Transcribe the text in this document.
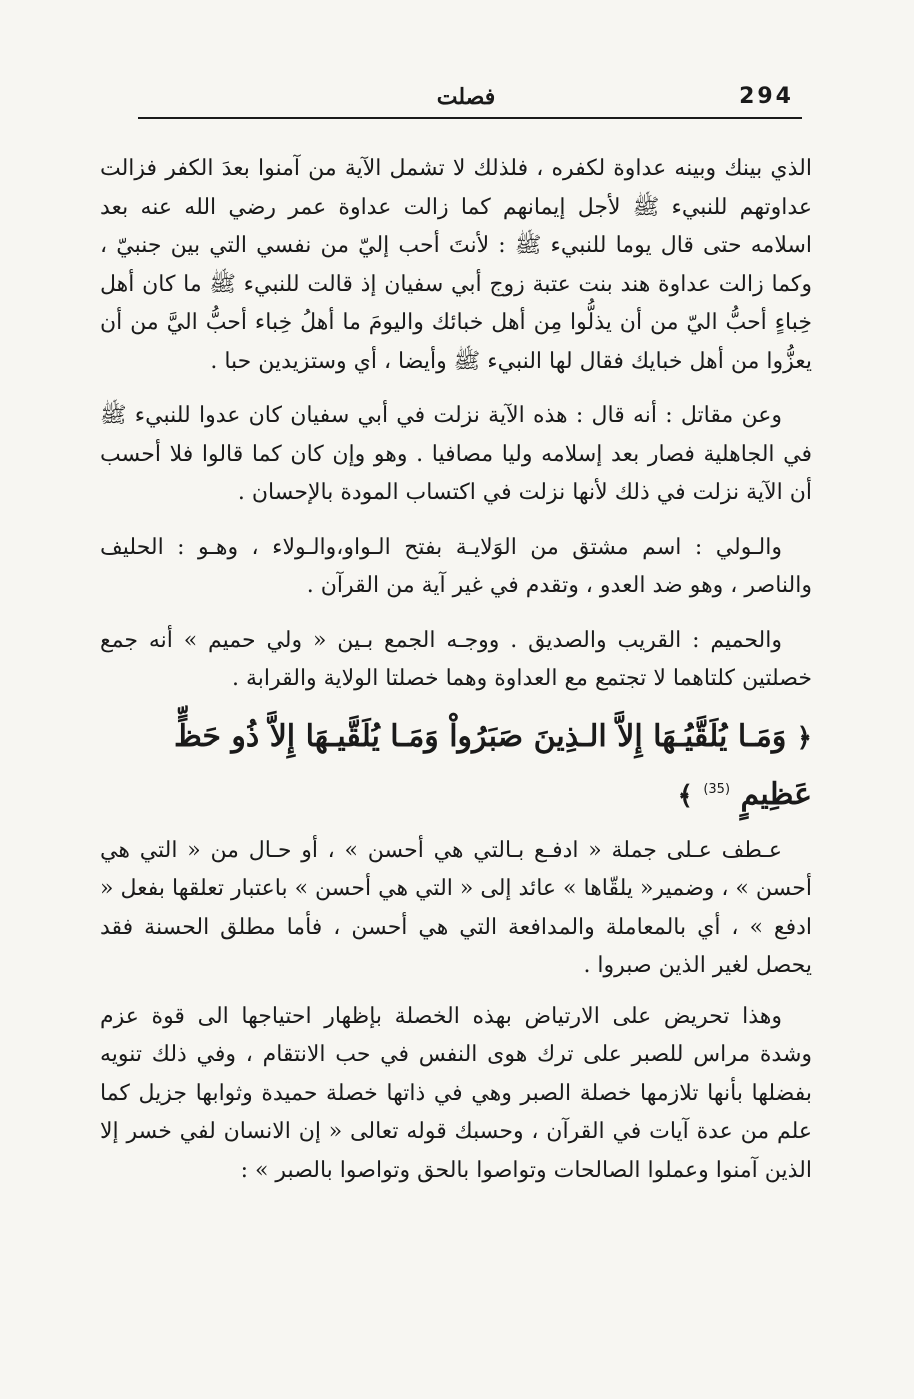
294
فصلت

الذي بينك وبينه عداوة لكفره ، فلذلك لا تشمل الآية من آمنوا بعدَ الكفر فزالت عداوتهم للنبيء ﷺ لأجل إيمانهم كما زالت عداوة عمر رضي الله عنه بعد اسلامه حتى قال يوما للنبيء ﷺ : لأنتَ أحب إليّ من نفسي التي بين جنبيّ ، وكما زالت عداوة هند بنت عتبة زوج أبي سفيان إذ قالت للنبيء ﷺ ما كان أهل خِباءٍ أحبُّ اليّ من أن يذلُّوا مِن أهل خبائك واليومَ ما أهلُ خِباء أحبُّ اليَّ من أن يعزُّوا من أهل خبايك فقال لها النبيء ﷺ وأيضا ، أي وستزيدين حبا .

وعن مقاتل : أنه قال : هذه الآية نزلت في أبي سفيان كان عدوا للنبيء ﷺ في الجاهلية فصار بعد إسلامه وليا مصافيا . وهو وإن كان كما قالوا فلا أحسب أن الآية نزلت في ذلك لأنها نزلت في اكتساب المودة بالإحسان .

والـولي : اسم مشتق من الوَلايـة بفتح الـواو،والـولاء ، وهـو : الحليف والناصر ، وهو ضد العدو ، وتقدم في غير آية من القرآن .

والحميم : القريب والصديق . ووجـه الجمع بـين « ولي حميم » أنه جمع خصلتين كلتاهما لا تجتمع مع العداوة وهما خصلتا الولاية والقرابة .

﴿ وَمَـا يُلَقَّيُـهَا إِلاَّ الـذِينَ صَبَرُواْ وَمَـا يُلَقَّيـهَا إِلاَّ ذُو حَظٍّ عَظِيمٍ $^{(35)}$ ﴾

عـطف عـلى جملة « ادفـع بـالتي هي أحسن » ، أو حـال من « التي هي أحسن » ، وضمير« يلقّاها » عائد إلى « التي هي أحسن » باعتبار تعلقها بفعل « ادفع » ، أي بالمعاملة والمدافعة التي هي أحسن ، فأما مطلق الحسنة فقد يحصل لغير الذين صبروا .

وهذا تحريض على الارتياض بهذه الخصلة بإظهار احتياجها الى قوة عزم وشدة مراس للصبر على ترك هوى النفس في حب الانتقام ، وفي ذلك تنويه بفضلها بأنها تلازمها خصلة الصبر وهي في ذاتها خصلة حميدة وثوابها جزيل كما علم من عدة آيات في القرآن ، وحسبك قوله تعالى « إن الانسان لفي خسر إلا الذين آمنوا وعملوا الصالحات وتواصوا بالحق وتواصوا بالصبر » :
